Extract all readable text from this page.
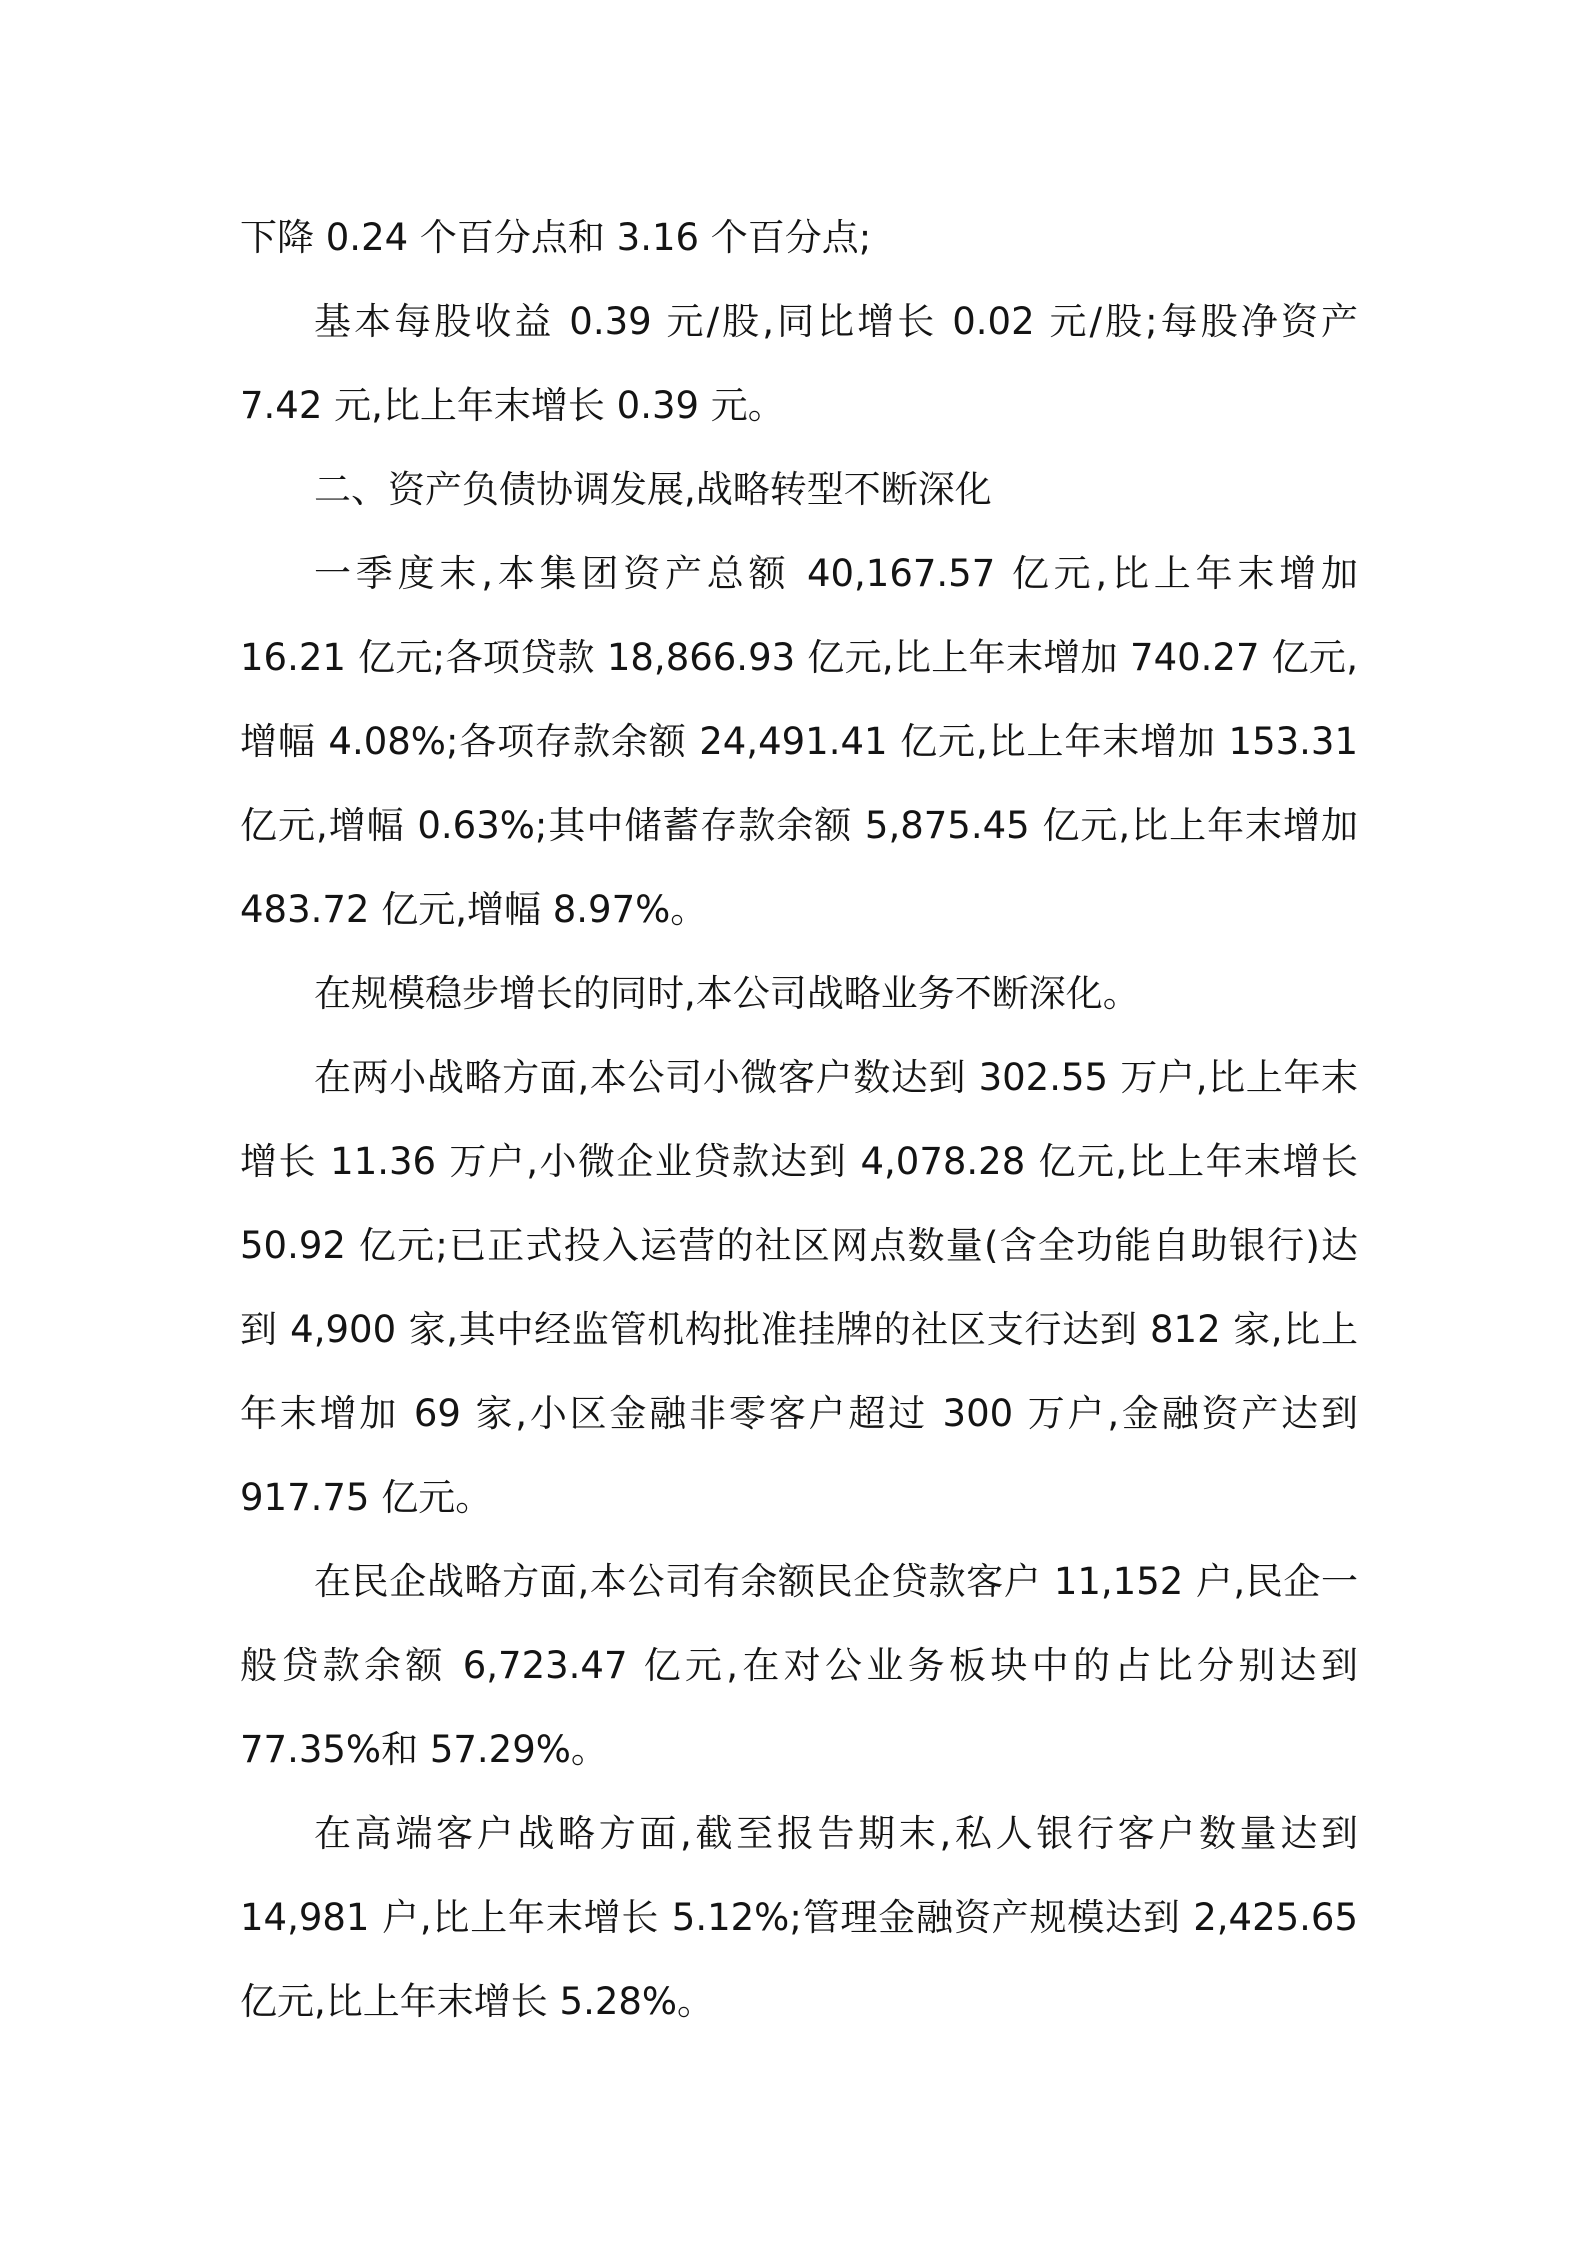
下降 0.24 个百分点和 3.16 个百分点;

基本每股收益 0.39 元/股,同比增长 0.02 元/股;每股净资产 7.42 元,比上年末增长 0.39 元。

二、资产负债协调发展,战略转型不断深化

一季度末,本集团资产总额 40,167.57 亿元,比上年末增加 16.21 亿元;各项贷款 18,866.93 亿元,比上年末增加 740.27 亿元,增幅 4.08%;各项存款余额 24,491.41 亿元,比上年末增加 153.31 亿元,增幅 0.63%;其中储蓄存款余额 5,875.45 亿元,比上年末增加 483.72 亿元,增幅 8.97%。

在规模稳步增长的同时,本公司战略业务不断深化。

在两小战略方面,本公司小微客户数达到 302.55 万户,比上年末增长 11.36 万户,小微企业贷款达到 4,078.28 亿元,比上年末增长 50.92 亿元;已正式投入运营的社区网点数量(含全功能自助银行)达到 4,900 家,其中经监管机构批准挂牌的社区支行达到 812 家,比上年末增加 69 家,小区金融非零客户超过 300 万户,金融资产达到 917.75 亿元。

在民企战略方面,本公司有余额民企贷款客户 11,152 户,民企一般贷款余额 6,723.47 亿元,在对公业务板块中的占比分别达到 77.35%和 57.29%。

在高端客户战略方面,截至报告期末,私人银行客户数量达到 14,981 户,比上年末增长 5.12%;管理金融资产规模达到 2,425.65 亿元,比上年末增长 5.28%。
